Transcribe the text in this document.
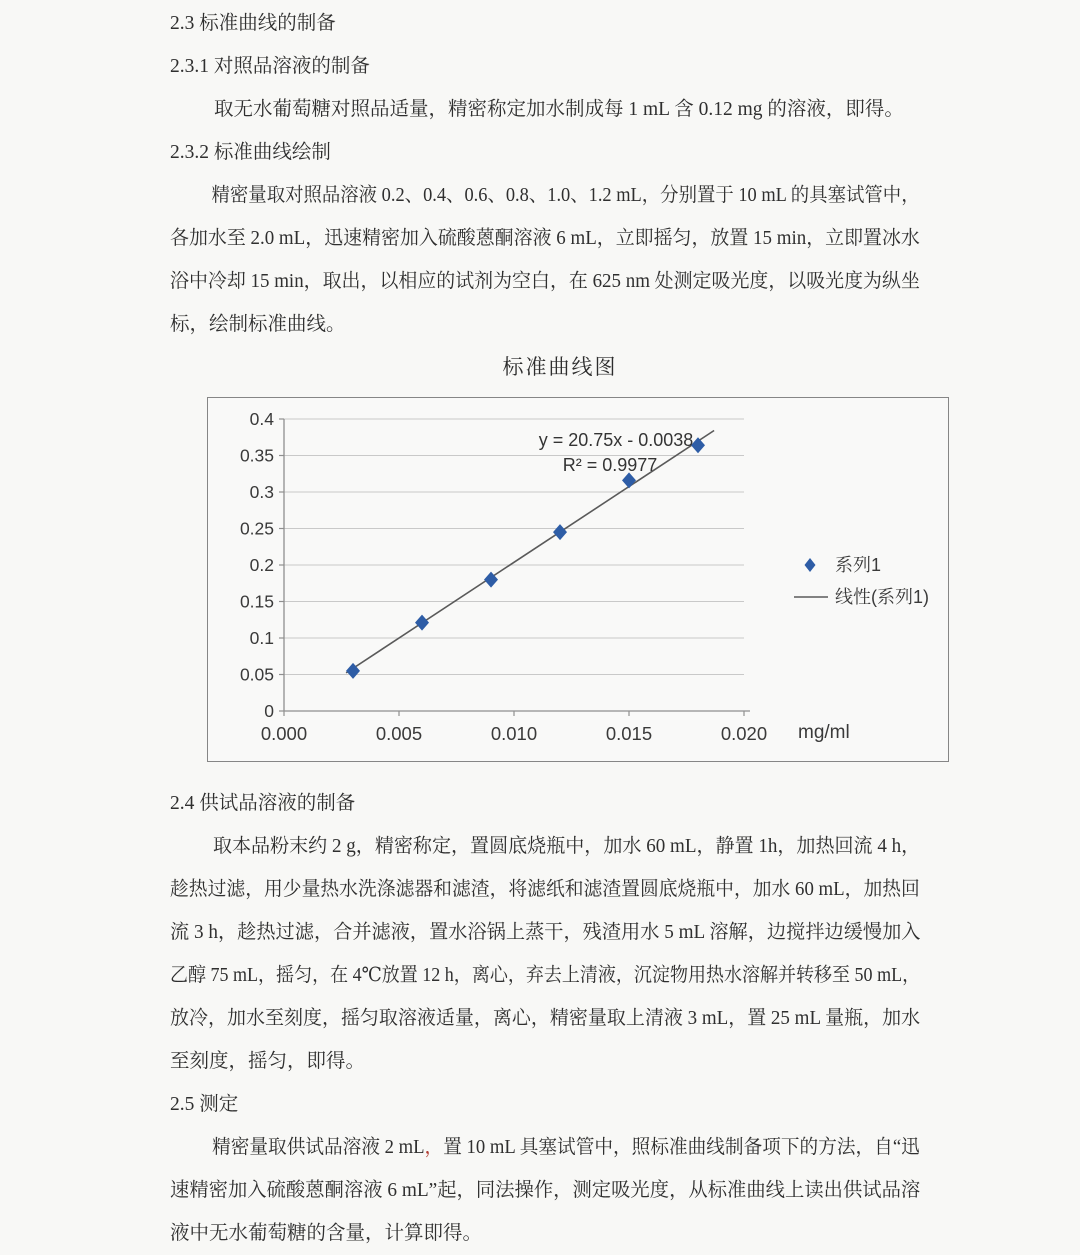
2.3 标准曲线的制备
2.3.1 对照品溶液的制备
取无水葡萄糖对照品适量，精密称定加水制成每 1 mL 含 0.12 mg 的溶液，即得。
2.3.2 标准曲线绘制
精密量取对照品溶液 0.2、0.4、0.6、0.8、1.0、1.2 mL，分别置于 10 mL 的具塞试管中，
各加水至 2.0 mL，迅速精密加入硫酸蒽酮溶液 6 mL，立即摇匀，放置 15 min，立即置冰水
浴中冷却 15 min，取出，以相应的试剂为空白，在 625 nm 处测定吸光度，以吸光度为纵坐
标，绘制标准曲线。
标准曲线图
0
0.05
0.1
0.15
0.2
0.25
0.3
0.35
0.4
0.000	0.005	0.010	0.015	0.020 mg/ml
y = 20.75x - 0.0038
R² = 0.9977
系列1
线性(系列1)
2.4 供试品溶液的制备
取本品粉末约 2 g，精密称定，置圆底烧瓶中，加水 60 mL，静置 1h，加热回流 4 h，
趁热过滤，用少量热水洗涤滤器和滤渣，将滤纸和滤渣置圆底烧瓶中，加水 60 mL，加热回
流 3 h，趁热过滤，合并滤液，置水浴锅上蒸干，残渣用水 5 mL 溶解，边搅拌边缓慢加入
乙醇 75 mL，摇匀，在 4℃放置 12 h，离心，弃去上清液，沉淀物用热水溶解并转移至 50 mL，
放冷，加水至刻度，摇匀取溶液适量，离心，精密量取上清液 3 mL，置 25 mL 量瓶，加水
至刻度，摇匀，即得。
2.5 测定
精密量取供试品溶液 2 mL，置 10 mL 具塞试管中，照标准曲线制备项下的方法，自“迅
速精密加入硫酸蒽酮溶液 6 mL”起，同法操作，测定吸光度，从标准曲线上读出供试品溶
液中无水葡萄糖的含量，计算即得。
